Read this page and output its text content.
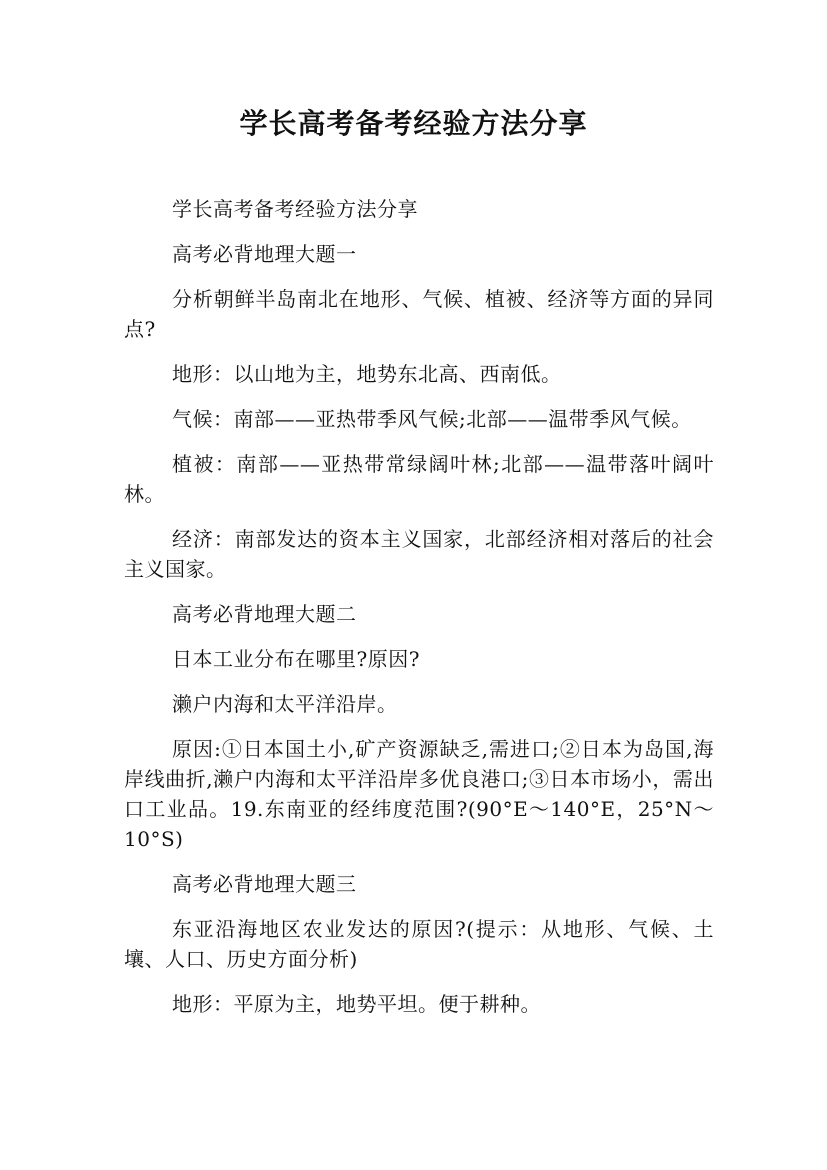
学长高考备考经验方法分享

学长高考备考经验方法分享

高考必背地理大题一

分析朝鲜半岛南北在地形、气候、植被、经济等方面的异同点?

地形：以山地为主，地势东北高、西南低。

气候：南部——亚热带季风气候;北部——温带季风气候。

植被：南部——亚热带常绿阔叶林;北部——温带落叶阔叶林。

经济：南部发达的资本主义国家，北部经济相对落后的社会主义国家。

高考必背地理大题二

日本工业分布在哪里?原因?

濑户内海和太平洋沿岸。

原因:①日本国土小,矿产资源缺乏,需进口;②日本为岛国,海岸线曲折,濑户内海和太平洋沿岸多优良港口;③日本市场小，需出口工业品。19.东南亚的经纬度范围?(90°E～140°E，25°N～10°S)

高考必背地理大题三

东亚沿海地区农业发达的原因?(提示：从地形、气候、土壤、人口、历史方面分析)

地形：平原为主，地势平坦。便于耕种。
